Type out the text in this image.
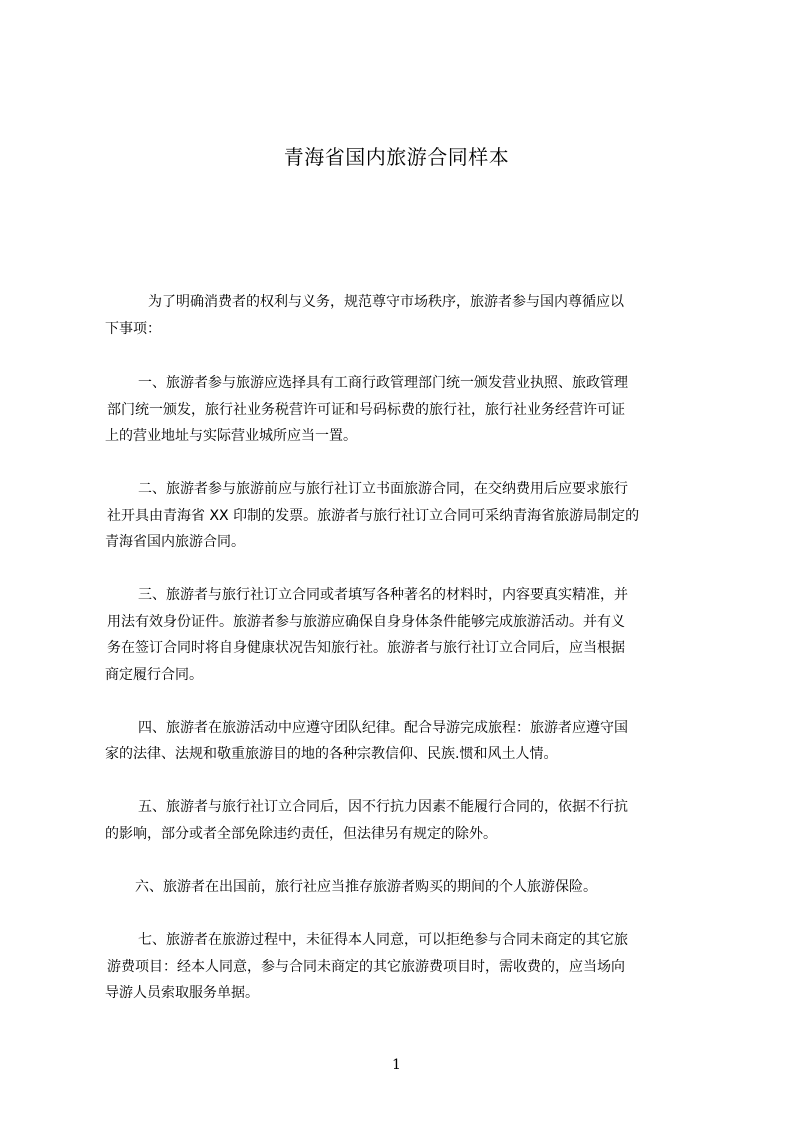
青海省国内旅游合同样本

为了明确消费者的权利与义务，规范尊守市场秩序，旅游者参与国内尊循应以

下事项：

一、旅游者参与旅游应选择具有工商行政管理部门统一颁发营业执照、旅政管理

部门统一颁发，旅行社业务税营许可证和号码标费的旅行社，旅行社业务经营许可证

上的营业地址与实际营业城所应当一置。

二、旅游者参与旅游前应与旅行社订立书面旅游合同，在交纳费用后应要求旅行

社开具由青海省 XX 印制的发票。旅游者与旅行社订立合同可采纳青海省旅游局制定的

青海省国内旅游合同。

三、旅游者与旅行社订立合同或者填写各种著名的材料时，内容要真实精准，并

用法有效身份证件。旅游者参与旅游应确保自身身体条件能够完成旅游活动。并有义

务在签订合同时将自身健康状况告知旅行社。旅游者与旅行社订立合同后，应当根据

商定履行合同。

四、旅游者在旅游活动中应遵守团队纪律。配合导游完成旅程：旅游者应遵守国

家的法律、法规和敬重旅游目的地的各种宗教信仰、民族.惯和风土人情。

五、旅游者与旅行社订立合同后，因不行抗力因素不能履行合同的，依据不行抗

的影响，部分或者全部免除违约责任，但法律另有规定的除外。

六、旅游者在出国前，旅行社应当推存旅游者购买的期间的个人旅游保险。

七、旅游者在旅游过程中，未征得本人同意，可以拒绝参与合同未商定的其它旅

游费项目：经本人同意，参与合同未商定的其它旅游费项目时，需收费的，应当场向

导游人员索取服务单据。

1
